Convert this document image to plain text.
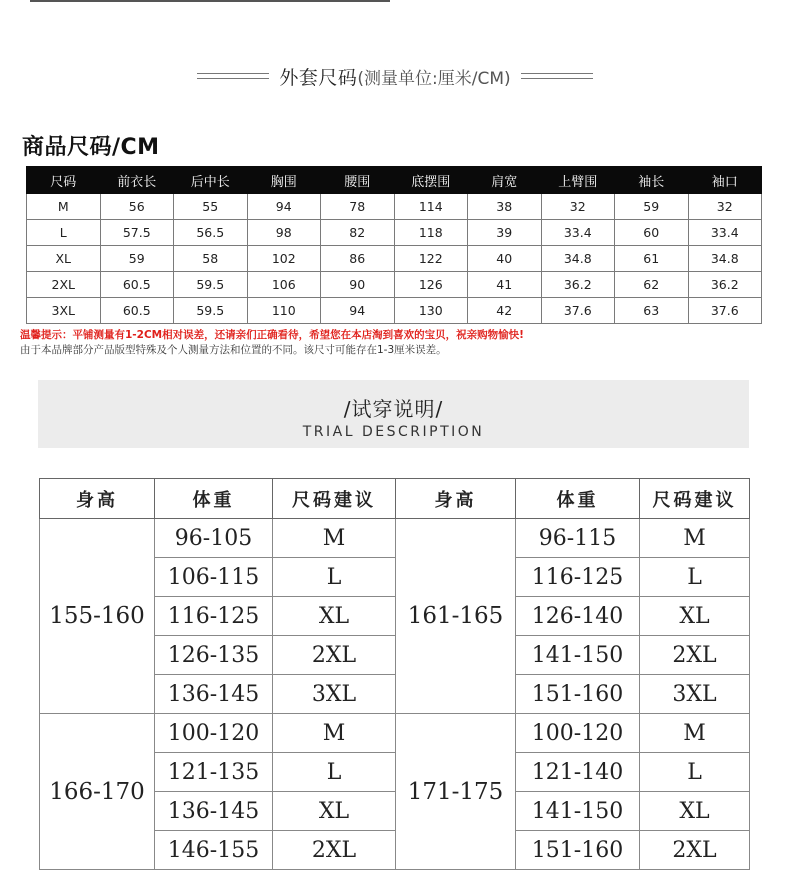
外套尺码 (测量单位:厘米/CM)
商品尺码/CM
尺码	前衣长	后中长	胸围	腰围	底摆围	肩宽	上臂围	袖长	袖口
M	56	55	94	78	114	38	32	59	32
L	57.5	56.5	98	82	118	39	33.4	60	33.4
XL	59	58	102	86	122	40	34.8	61	34.8
2XL	60.5	59.5	106	90	126	41	36.2	62	36.2
3XL	60.5	59.5	110	94	130	42	37.6	63	37.6
温馨提示：平铺测量有1-2CM相对误差，还请亲们正确看待，希望您在本店淘到喜欢的宝贝，祝亲购物愉快!
由于本品牌部分产品版型特殊及个人测量方法和位置的不同。该尺寸可能存在1-3厘米误差。
/试穿说明/
TRIAL DESCRIPTION
身高	体重	尺码建议	身高	体重	尺码建议
155-160	96-105	M	161-165	96-115	M
	106-115	L		116-125	L
	116-125	XL		126-140	XL
	126-135	2XL		141-150	2XL
	136-145	3XL		151-160	3XL
166-170	100-120	M	171-175	100-120	M
	121-135	L		121-140	L
	136-145	XL		141-150	XL
	146-155	2XL		151-160	2XL
